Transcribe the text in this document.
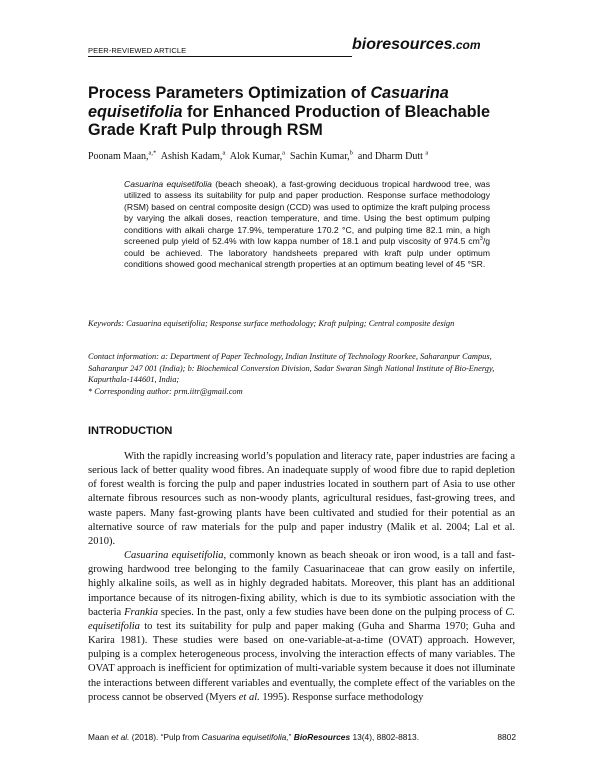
PEER-REVIEWED ARTICLE	bioresources.com
Process Parameters Optimization of Casuarina equisetifolia for Enhanced Production of Bleachable Grade Kraft Pulp through RSM
Poonam Maan,$^{a,*}$ Ashish Kadam,$^a$ Alok Kumar,$^a$ Sachin Kumar,$^b$ and Dharm Dutt $^a$
Casuarina equisetifolia (beach sheoak), a fast-growing deciduous tropical hardwood tree, was utilized to assess its suitability for pulp and paper production. Response surface methodology (RSM) based on central composite design (CCD) was used to optimize the kraft pulping process by varying the alkali doses, reaction temperature, and time. Using the best optimum pulping conditions with alkali charge 17.9%, temperature 170.2 °C, and pulping time 82.1 min, a high screened pulp yield of 52.4% with low kappa number of 18.1 and pulp viscosity of 974.5 $cm^3/g$ could be achieved. The laboratory handsheets prepared with kraft pulp under optimum conditions showed good mechanical strength properties at an optimum beating level of 45 °SR.
Keywords: Casuarina equisetifolia; Response surface methodology; Kraft pulping; Central composite design
Contact information: a: Department of Paper Technology, Indian Institute of Technology Roorkee, Saharanpur Campus, Saharanpur 247 001 (India); b: Biochemical Conversion Division, Sadar Swaran Singh National Institute of Bio-Energy, Kapurthala-144601, India;
* Corresponding author: prm.iitr@gmail.com
INTRODUCTION

With the rapidly increasing world’s population and literacy rate, paper industries are facing a serious lack of better quality wood fibres. An inadequate supply of wood fibre due to rapid depletion of forest wealth is forcing the pulp and paper industries located in southern part of Asia to use other alternate fibrous resources such as non-woody plants, agricultural residues, fast-growing trees, and waste papers. Many fast-growing plants have been cultivated and studied for their potential as an alternative source of raw materials for the pulp and paper industry (Malik et al. 2004; Lal et al. 2010).

Casuarina equisetifolia, commonly known as beach sheoak or iron wood, is a tall and fast-growing hardwood tree belonging to the family Casuarinaceae that can grow easily on infertile, highly alkaline soils, as well as in highly degraded habitats. Moreover, this plant has an additional importance because of its nitrogen-fixing ability, which is due to its symbiotic association with the bacteria Frankia species. In the past, only a few studies have been done on the pulping process of C. equisetifolia to test its suitability for pulp and paper making (Guha and Sharma 1970; Guha and Karira 1981). These studies were based on one-variable-at-a-time (OVAT) approach. However, pulping is a complex heterogeneous process, involving the interaction effects of many variables. The OVAT approach is inefficient for optimization of multi-variable system because it does not illuminate the interactions between different variables and eventually, the complete effect of the variables on the process cannot be observed (Myers et al. 1995). Response surface methodology

Maan et al. (2018). “Pulp from Casuarina equisetifolia,” BioResources 13(4), 8802-8813.	8802
